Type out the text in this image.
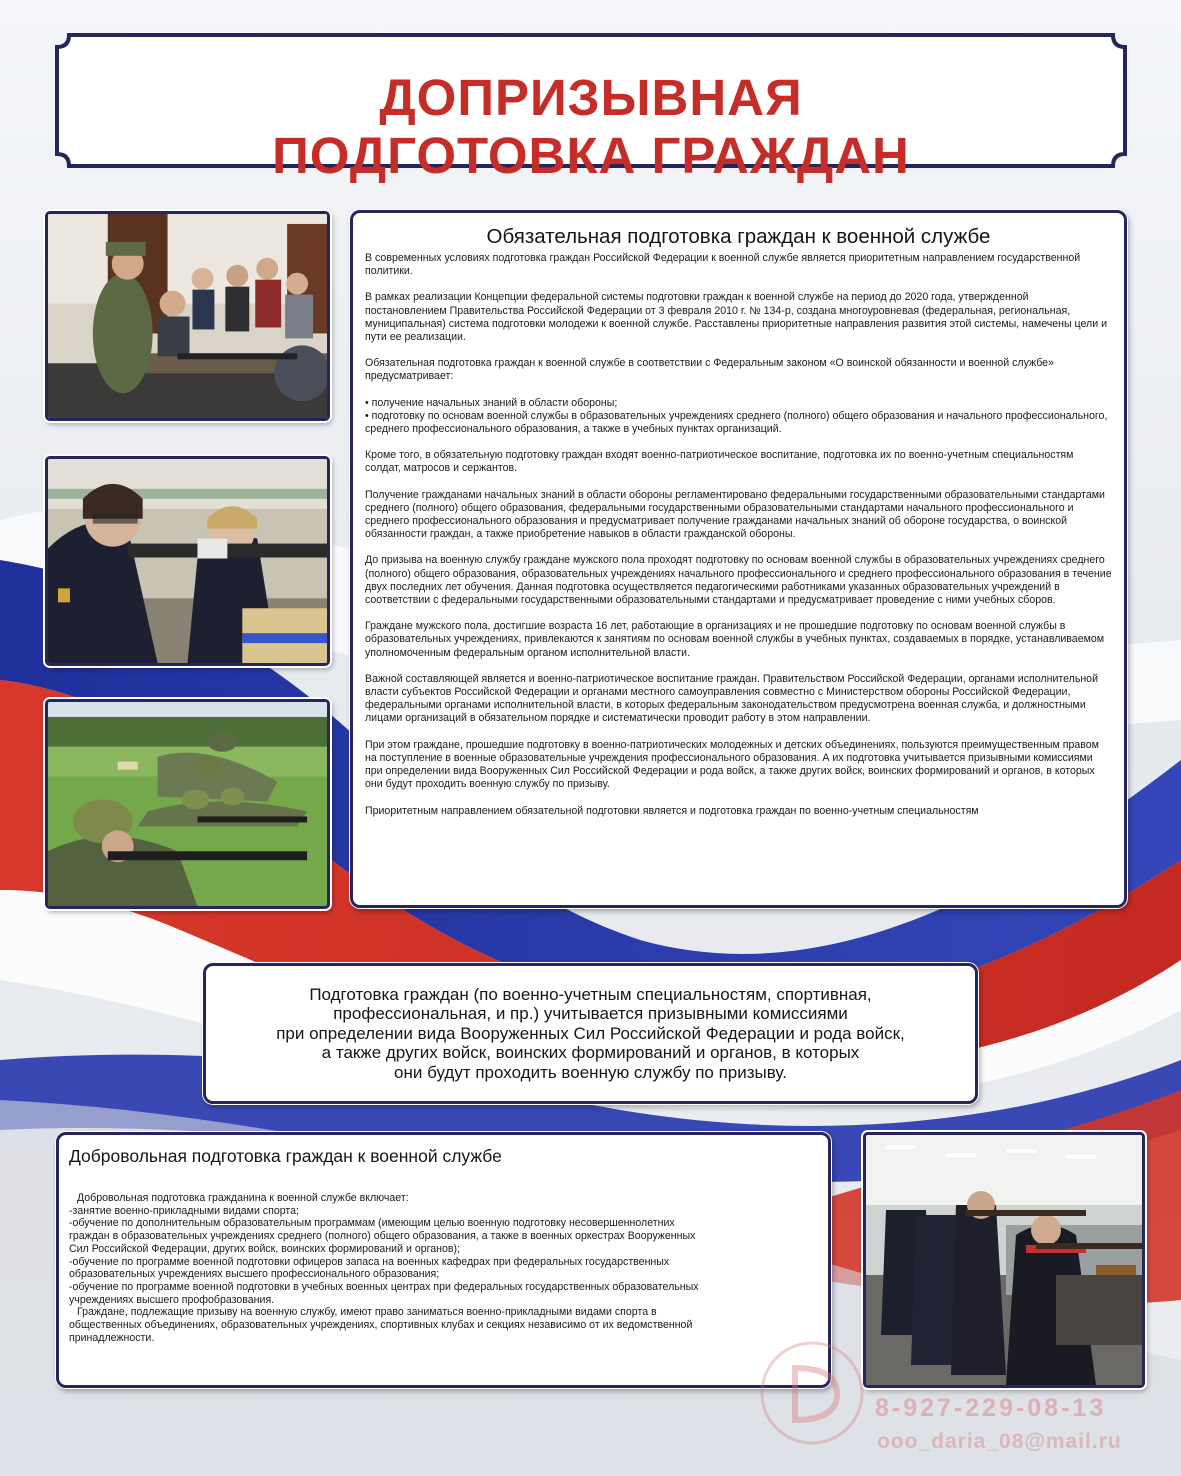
ДОПРИЗЫВНАЯ
ПОДГОТОВКА ГРАЖДАН
Обязательная подготовка граждан к военной службе

В современных условиях подготовка граждан Российской Федерации к военной службе является приоритетным направлением государственной политики.

В рамках реализации Концепции федеральной системы подготовки граждан к военной службе на период до 2020 года, утвержденной постановлением Правительства Российской Федерации от 3 февраля 2010 г. № 134-р, создана многоуровневая (федеральная, региональная, муниципальная) система подготовки молодежи к военной службе. Расставлены приоритетные направления развития этой системы, намечены цели и пути ее реализации.

Обязательная подготовка граждан к военной службе в соответствии с Федеральным законом «О воинской обязанности и военной службе» предусматривает:

• получение начальных знаний в области обороны;

• подготовку по основам военной службы в образовательных учреждениях среднего (полного) общего образования и начального профессионального, среднего профессионального образования, а также в учебных пунктах организаций.

Кроме того, в обязательную подготовку граждан входят военно-патриотическое воспитание, подготовка их по военно-учетным специальностям солдат, матросов и сержантов.

Получение гражданами начальных знаний в области обороны регламентировано федеральными государственными образовательными стандартами среднего (полного) общего образования, федеральными государственными образовательными стандартами начального профессионального и среднего профессионального образования и предусматривает получение гражданами начальных знаний об обороне государства, о воинской обязанности граждан, а также приобретение навыков в области гражданской обороны.

До призыва на военную службу граждане мужского пола проходят подготовку по основам военной службы в образовательных учреждениях среднего (полного) общего образования, образовательных учреждениях начального профессионального и среднего профессионального образования в течение двух последних лет обучения. Данная подготовка осуществляется педагогическими работниками указанных образовательных учреждений в соответствии с федеральными государственными образовательными стандартами и предусматривает проведение с ними учебных сборов.

Граждане мужского пола, достигшие возраста 16 лет, работающие в организациях и не прошедшие подготовку по основам военной службы в образовательных учреждениях, привлекаются к занятиям по основам военной службы в учебных пунктах, создаваемых в порядке, устанавливаемом уполномоченным федеральным органом исполнительной власти.

Важной составляющей является и военно-патриотическое воспитание граждан. Правительством Российской Федерации, органами исполнительной власти субъектов Российской Федерации и органами местного самоуправления совместно с Министерством обороны Российской Федерации, федеральными органами исполнительной власти, в которых федеральным законодательством предусмотрена военная служба, и должностными лицами организаций в обязательном порядке и систематически проводит работу в этом направлении.

При этом граждане, прошедшие подготовку в военно-патриотических молодежных и детских объединениях, пользуются преимущественным правом на поступление в военные образовательные учреждения профессионального образования. А их подготовка учитывается призывными комиссиями при определении вида Вооруженных Сил Российской Федерации и рода войск, а также других войск, воинских формирований и органов, в которых они будут проходить военную службу по призыву.

Приоритетным направлением обязательной подготовки является и подготовка граждан по военно-учетным специальностям

Подготовка граждан (по военно-учетным специальностям, спортивная,
профессиональная, и пр.) учитывается призывными комиссиями
при определении вида Вооруженных Сил Российской Федерации и рода войск,
а также других войск, воинских формирований и органов, в которых
они будут проходить военную службу по призыву.
Добровольная подготовка граждан к военной службе
Добровольная подготовка гражданина к военной службе включает:
-занятие военно-прикладными видами спорта;
-обучение по дополнительным образовательным программам (имеющим целью военную подготовку несовершеннолетних
граждан в образовательных учреждениях среднего (полного) общего образования, а также в военных оркестрах Вооруженных
Сил Российской Федерации, других войск, воинских формирований и органов);
-обучение по программе военной подготовки офицеров запаса на военных кафедрах при федеральных государственных
образовательных учреждениях высшего профессионального образования;
-обучение по программе военной подготовки в учебных военных центрах при федеральных государственных образовательных
учреждениях высшего профобразования.
Граждане, подлежащие призыву на военную службу, имеют право заниматься военно-прикладными видами спорта в
общественных объединениях, образовательных учреждениях, спортивных клубах и секциях независимо от их ведомственной
принадлежности.
8-927-229-08-13
ooo_daria_08@mail.ru
